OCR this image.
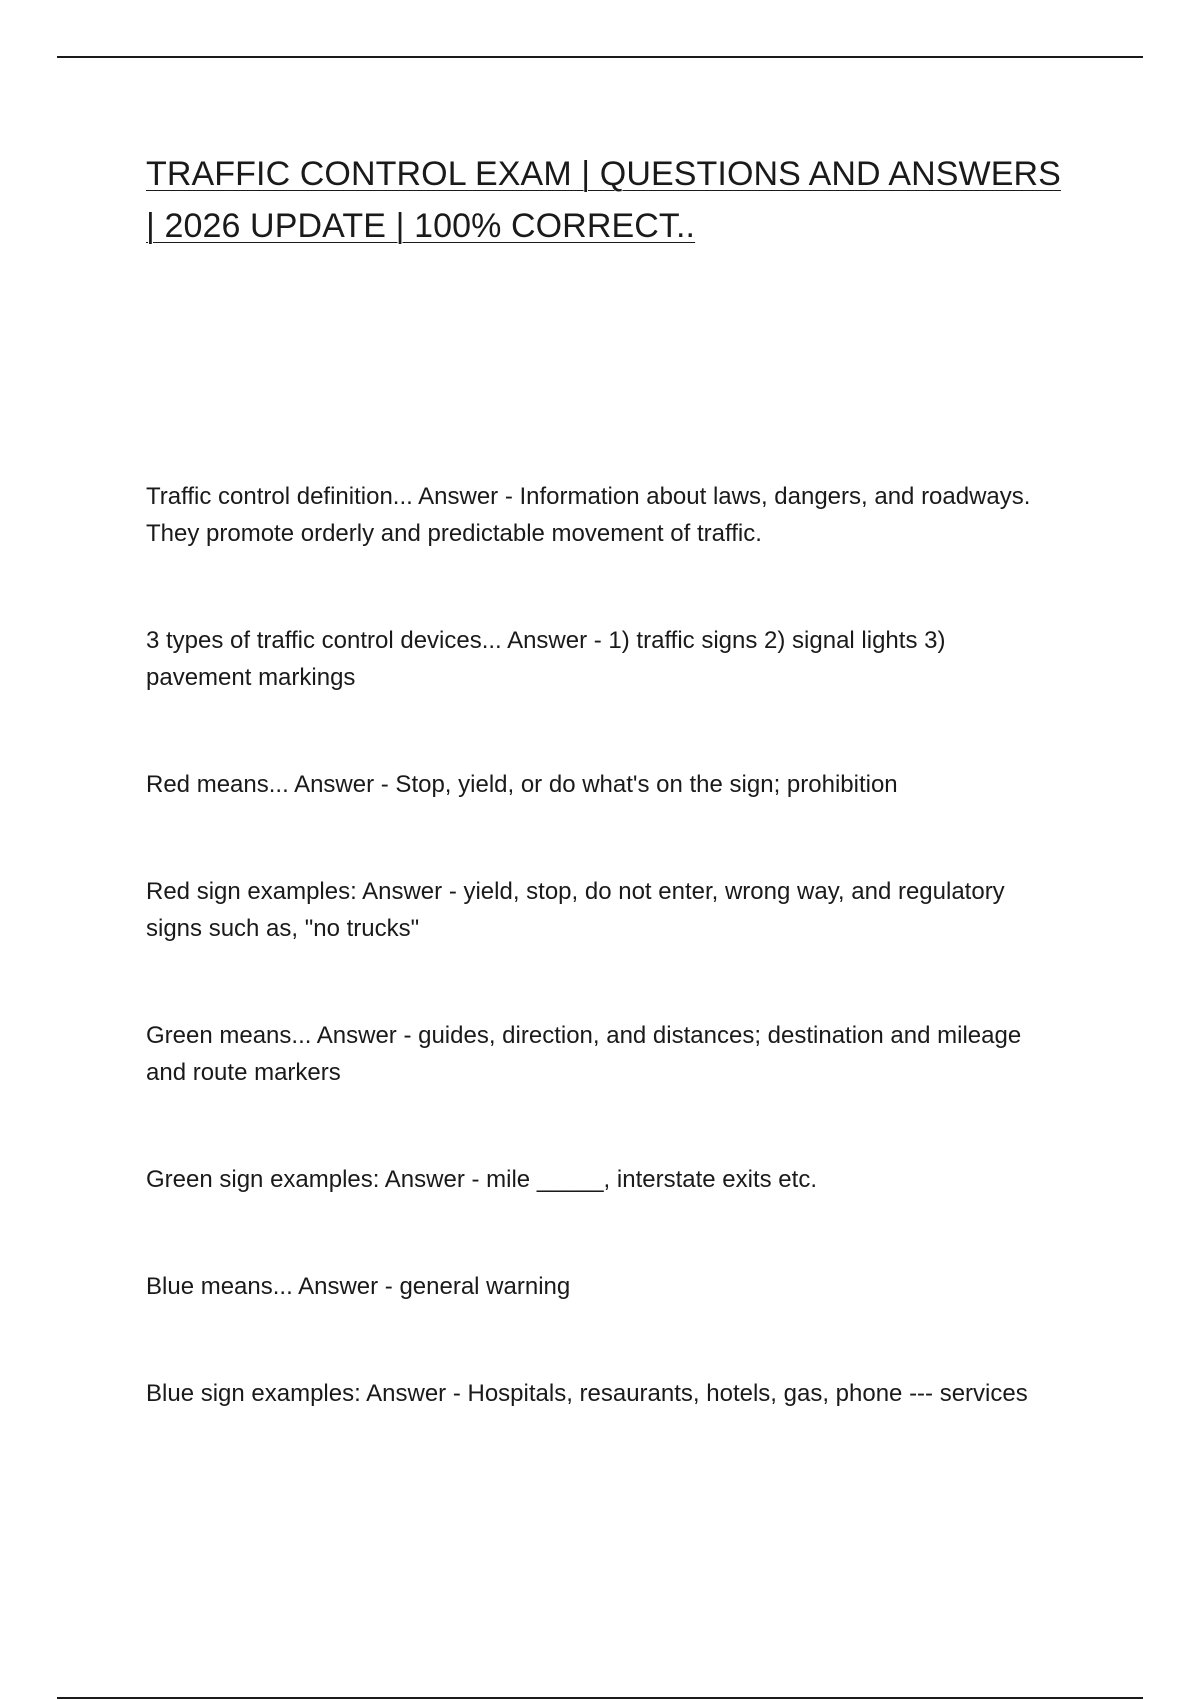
TRAFFIC CONTROL EXAM | QUESTIONS AND ANSWERS | 2026 UPDATE | 100% CORRECT..
Traffic control definition... Answer - Information about laws, dangers, and roadways. They promote orderly and predictable movement of traffic.
3 types of traffic control devices... Answer - 1) traffic signs 2) signal lights 3) pavement markings
Red means... Answer - Stop, yield, or do what's on the sign; prohibition
Red sign examples: Answer - yield, stop, do not enter, wrong way, and regulatory signs such as, "no trucks"
Green means... Answer - guides, direction, and distances; destination and mileage and route markers
Green sign examples: Answer - mile _____, interstate exits etc.
Blue means... Answer - general warning
Blue sign examples: Answer - Hospitals, resaurants, hotels, gas, phone --- services
